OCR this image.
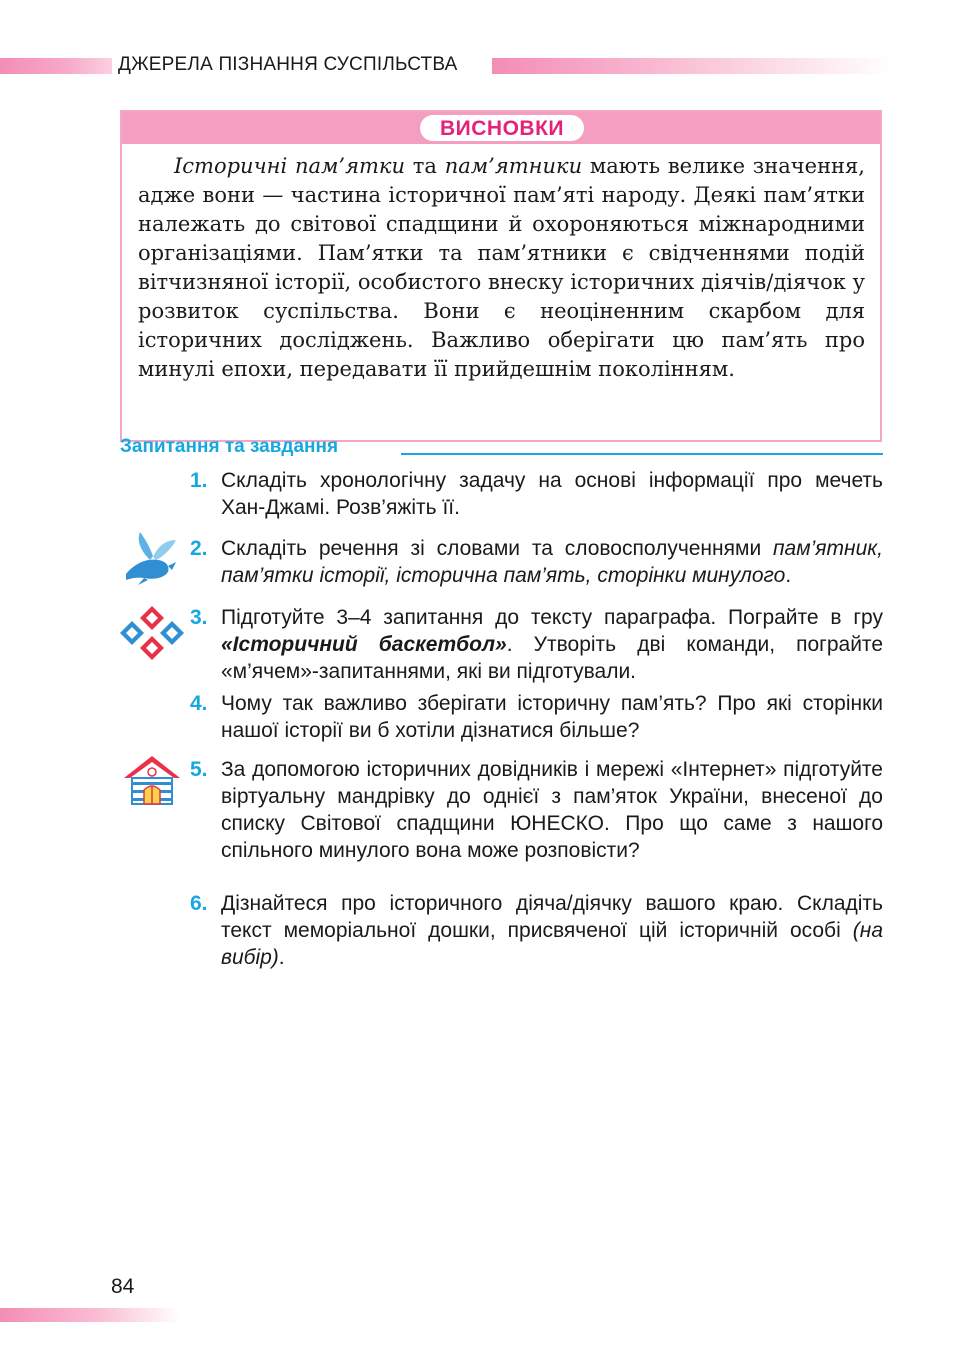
ДЖЕРЕЛА ПІЗНАННЯ СУСПІЛЬСТВА
ВИСНОВКИ
Історичні пам’ятки та пам’ятники мають велике значення, адже вони — частина історичної пам’яті народу. Деякі пам’ятки належать до світової спадщини й охороняються міжнародними організаціями. Пам’ятки та пам’ятники є свідченнями подій вітчизняної історії, особистого внеску історичних діячів/діячок у розвиток суспільства. Вони є неоціненним скарбом для історичних досліджень. Важливо оберігати цю пам’ять про минулі епохи, передавати її прийдешнім поколінням.
Запитання та завдання
1. Складіть хронологічну задачу на основі інформації про мечеть Хан-Джамі. Розв’яжіть її.
2. Складіть речення зі словами та словосполученнями пам’ятник, пам’ятки історії, історична пам’ять, сторінки минулого.
3. Підготуйте 3–4 запитання до тексту параграфа. Пограйте в гру «Історичний баскетбол». Утворіть дві команди, пограйте «м’ячем»-запитаннями, які ви підготували.
4. Чому так важливо зберігати історичну пам’ять? Про які сторінки нашої історії ви б хотіли дізнатися більше?
5. За допомогою історичних довідників і мережі «Інтернет» підготуйте віртуальну мандрівку до однієї з пам’яток України, внесеної до списку Світової спадщини ЮНЕСКО. Про що саме з нашого спільного минулого вона може розповісти?
6. Дізнайтеся про історичного діяча/діячку вашого краю. Складіть текст меморіальної дошки, присвяченої цій історичній особі (на вибір).
84
